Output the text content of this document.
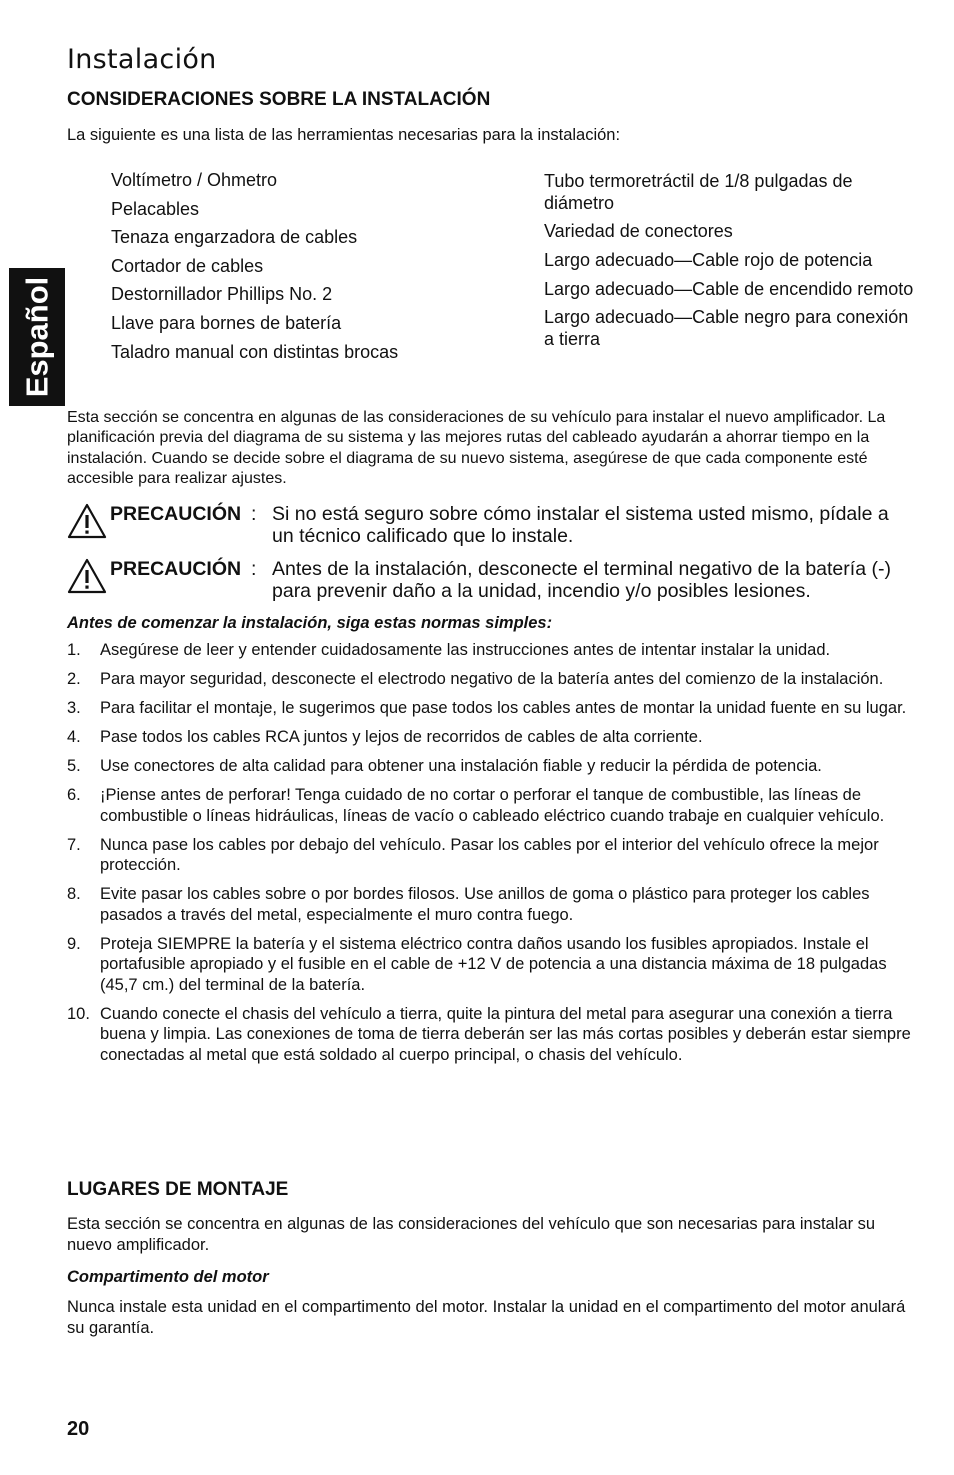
Instalación
Español
CONSIDERACIONES SOBRE LA INSTALACIÓN

La siguiente es una lista de las herramientas necesarias para la instalación:

Voltímetro / Ohmetro
Pelacables
Tenaza engarzadora de cables
Cortador de cables
Destornillador Phillips No. 2
Llave para bornes de batería
Taladro manual con distintas brocas
Tubo termoretráctil de 1/8 pulgadas de diámetro
Variedad de conectores
Largo adecuado—Cable rojo de potencia
Largo adecuado—Cable de encendido remoto
Largo adecuado—Cable negro para conexión a tierra

Esta sección se concentra en algunas de las consideraciones de su vehículo para instalar el nuevo amplificador. La planificación previa del diagrama de su sistema y las mejores rutas del cableado ayudarán a ahorrar tiempo en la instalación. Cuando se decide sobre el diagrama de su nuevo sistema, asegúrese de que cada componente esté accesible para realizar ajustes.

PRECAUCIÓN : Si no está seguro sobre cómo instalar el sistema usted mismo, pídale a un técnico calificado que lo instale.
PRECAUCIÓN : Antes de la instalación, desconecte el terminal negativo de la batería (-) para prevenir daño a la unidad, incendio y/o posibles lesiones.
Antes de comenzar la instalación, siga estas normas simples:
1. Asegúrese de leer y entender cuidadosamente las instrucciones antes de intentar instalar la unidad.
2. Para mayor seguridad, desconecte el electrodo negativo de la batería antes del comienzo de la instalación.
3. Para facilitar el montaje, le sugerimos que pase todos los cables antes de montar la unidad fuente en su lugar.
4. Pase todos los cables RCA juntos y lejos de recorridos de cables de alta corriente.
5. Use conectores de alta calidad para obtener una instalación fiable y reducir la pérdida de potencia.
6. ¡Piense antes de perforar! Tenga cuidado de no cortar o perforar el tanque de combustible, las líneas de combustible o líneas hidráulicas, líneas de vacío o cableado eléctrico cuando trabaje en cualquier vehículo.
7. Nunca pase los cables por debajo del vehículo. Pasar los cables por el interior del vehículo ofrece la mejor protección.
8. Evite pasar los cables sobre o por bordes filosos. Use anillos de goma o plástico para proteger los cables pasados a través del metal, especialmente el muro contra fuego.
9. Proteja SIEMPRE la batería y el sistema eléctrico contra daños usando los fusibles apropiados. Instale el portafusible apropiado y el fusible en el cable de +12 V de potencia a una distancia máxima de 18 pulgadas (45,7 cm.) del terminal de la batería.
10. Cuando conecte el chasis del vehículo a tierra, quite la pintura del metal para asegurar una conexión a tierra buena y limpia. Las conexiones de toma de tierra deberán ser las más cortas posibles y deberán estar siempre conectadas al metal que está soldado al cuerpo principal, o chasis del vehículo.
LUGARES DE MONTAJE

Esta sección se concentra en algunas de las consideraciones del vehículo que son necesarias para instalar su nuevo amplificador.

Compartimento del motor

Nunca instale esta unidad en el compartimento del motor. Instalar la unidad en el compartimento del motor anulará su garantía.

20
